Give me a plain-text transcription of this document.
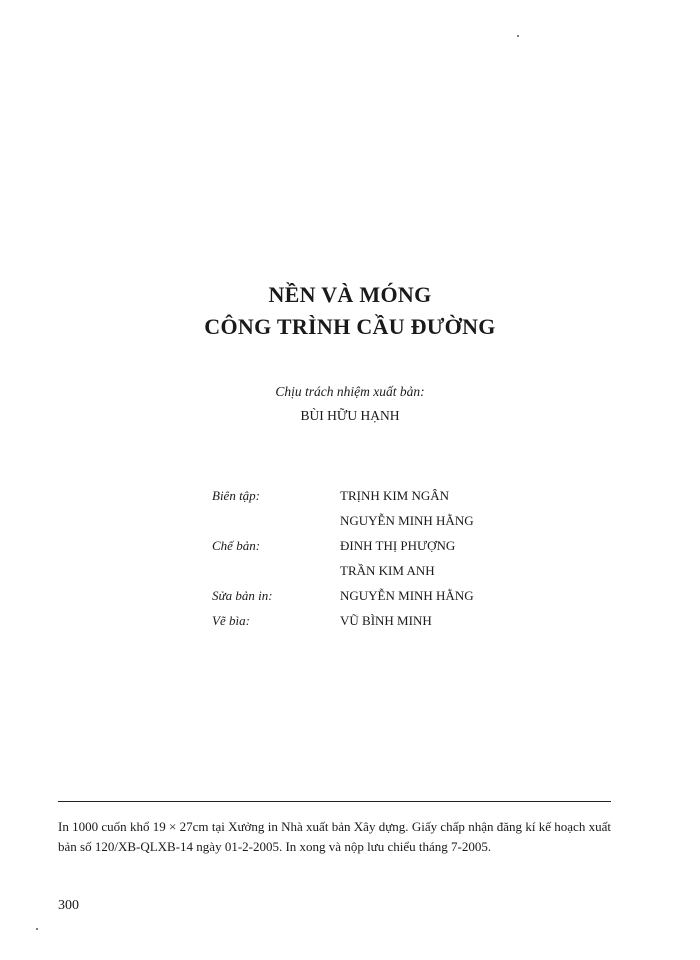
NỀN VÀ MÓNG
CÔNG TRÌNH CẦU ĐƯỜNG
Chịu trách nhiệm xuất bản:
BÙI HỮU HẠNH
Biên tập:	TRỊNH KIM NGÂN
NGUYỄN MINH HẰNG
Chế bản:	ĐINH THỊ PHƯỢNG
TRẦN KIM ANH
Sửa bản in:	NGUYỄN MINH HẰNG
Vẽ bìa:	VŨ BÌNH MINH
In 1000 cuốn khổ 19 × 27cm tại Xưởng in Nhà xuất bản Xây dựng. Giấy chấp nhận đăng kí kế hoạch xuất bản số 120/XB-QLXB-14 ngày 01-2-2005. In xong và nộp lưu chiểu tháng 7-2005.
300
